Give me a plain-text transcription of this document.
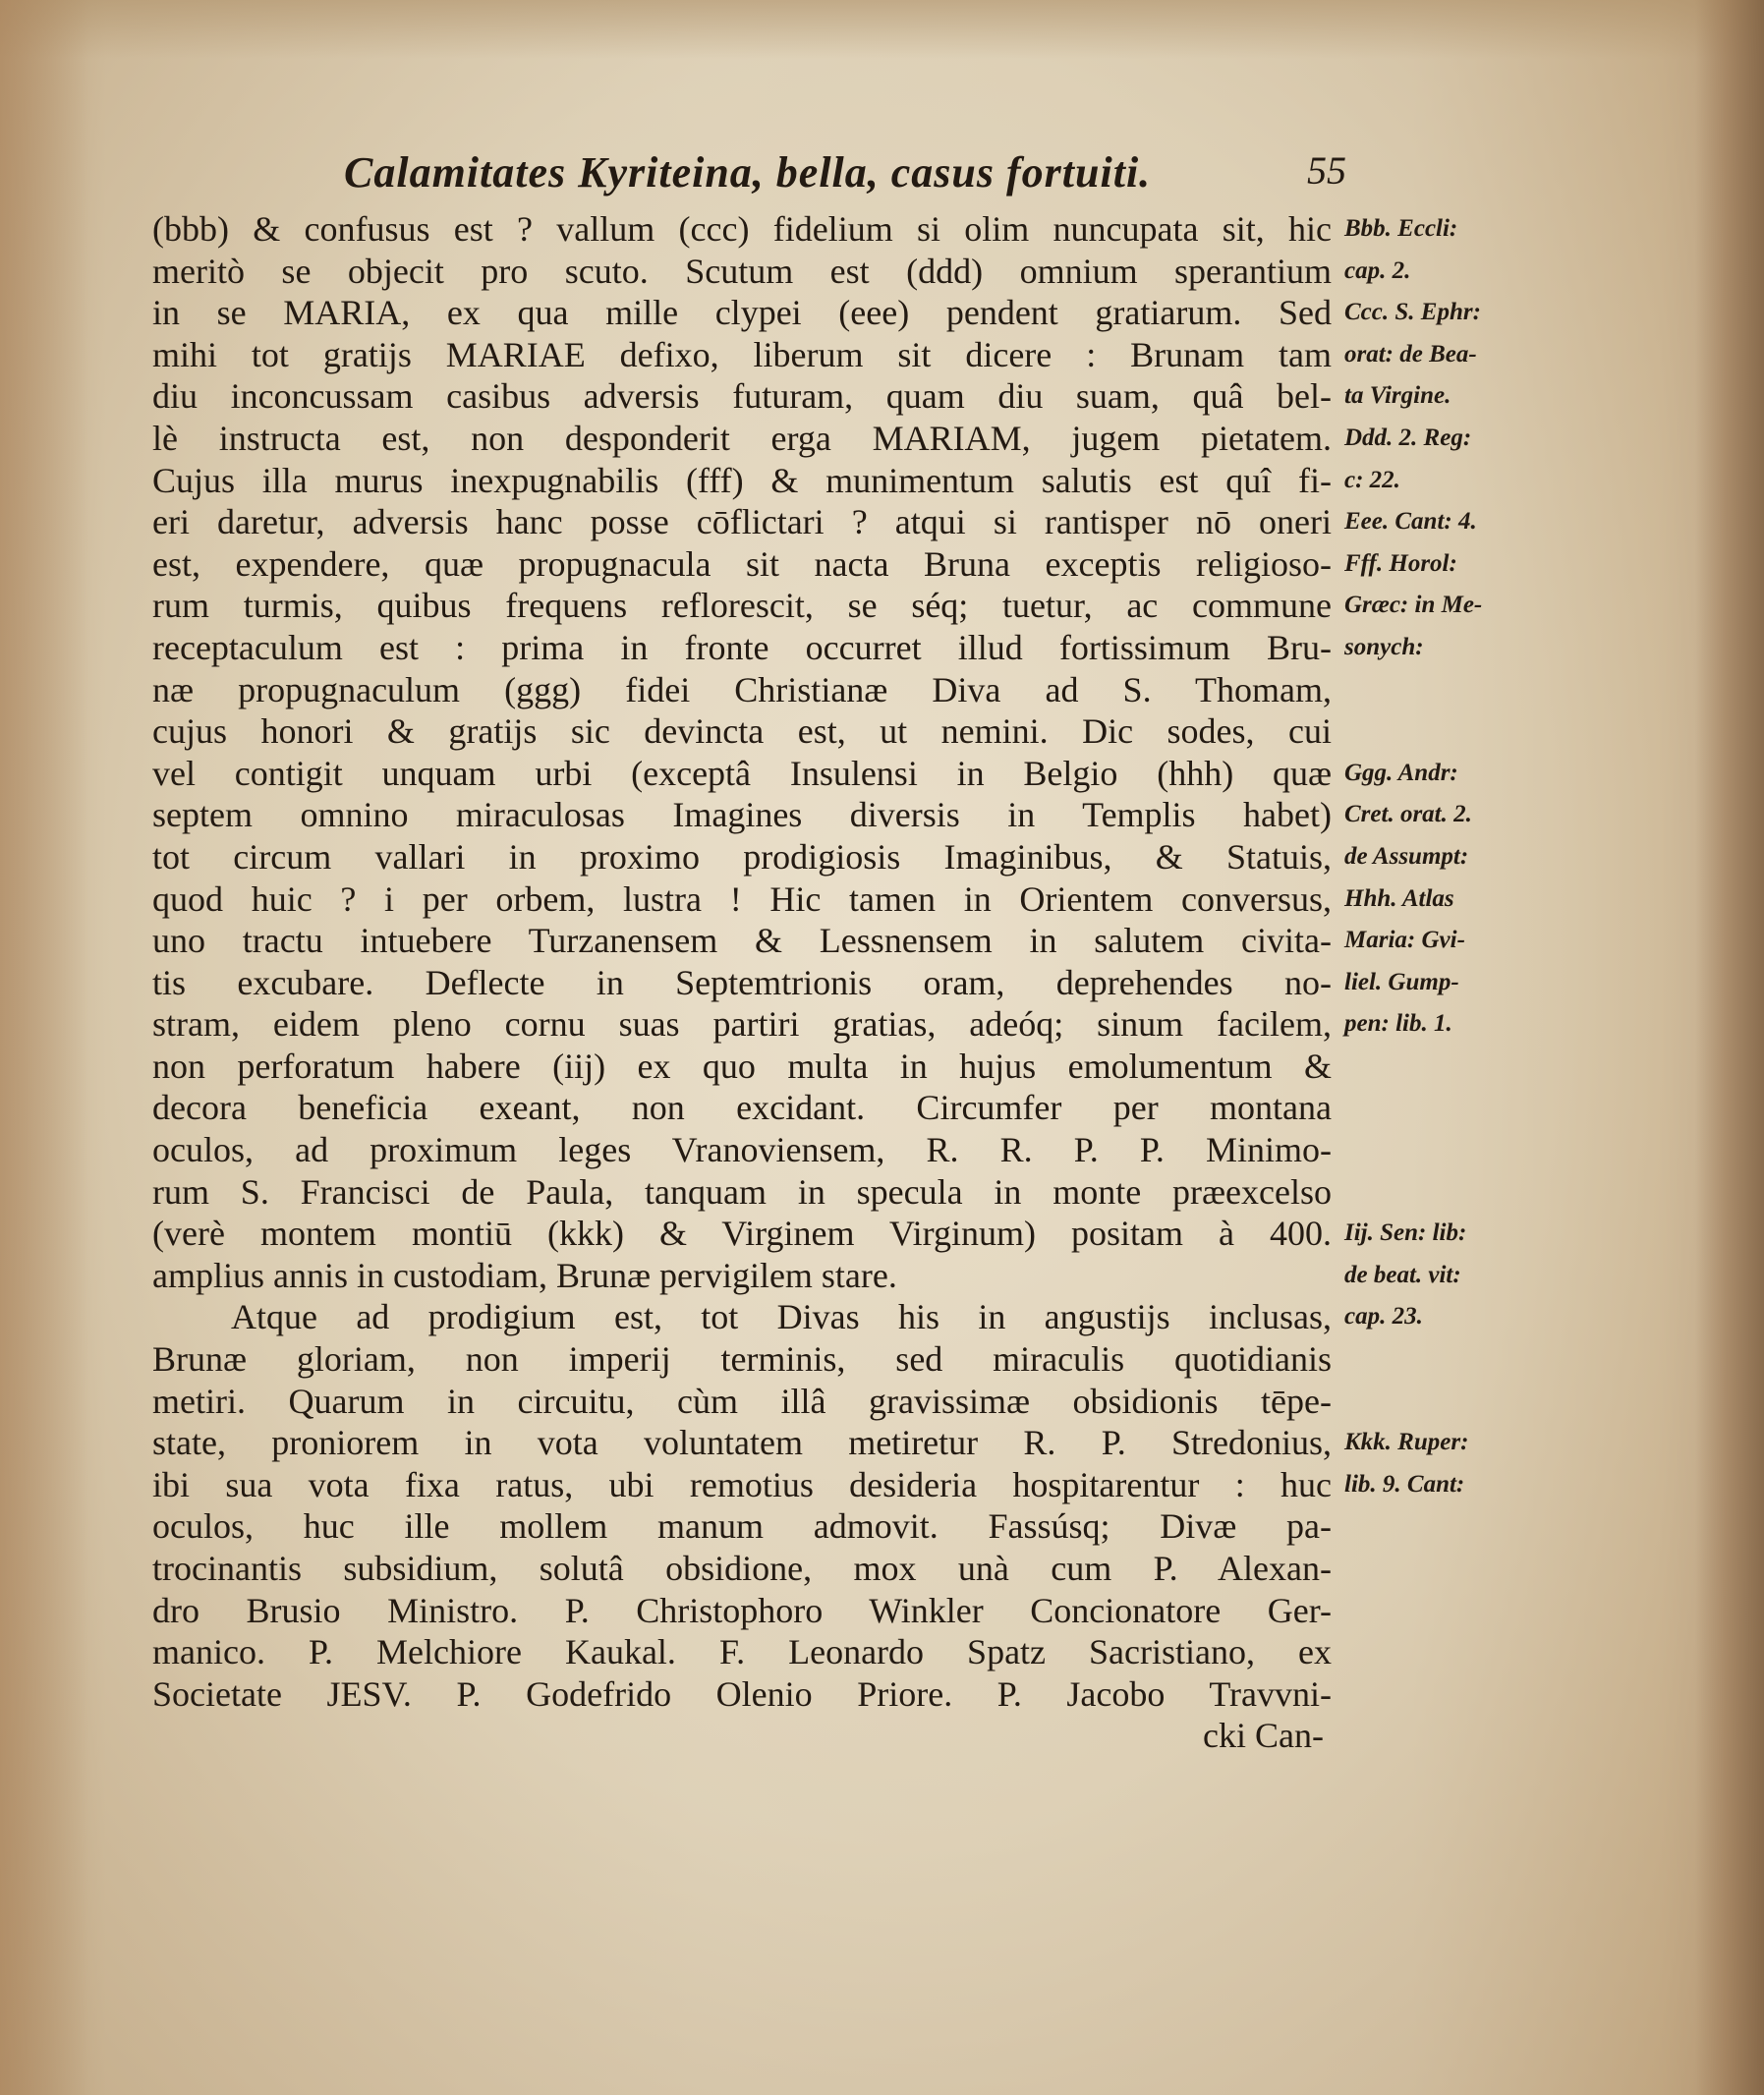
Calamitates Kyriteina, bella, casus fortuiti.	55
(bbb) & confusus est ? vallum (ccc) fidelium si olim nuncupata sit, hic
meritò se objecit pro scuto. Scutum est (ddd) omnium sperantium
in se MARIA, ex qua mille clypei (eee) pendent gratiarum. Sed
mihi tot gratijs MARIAE defixo, liberum sit dicere : Brunam tam
diu inconcussam casibus adversis futuram, quam diu suam, quâ bel-
lè instructa est, non desponderit erga MARIAM, jugem pietatem.
Cujus illa murus inexpugnabilis (fff) & munimentum salutis est quî fi-
eri daretur, adversis hanc posse cōflictari ? atqui si rantisper nō oneri
est, expendere, quæ propugnacula sit nacta Bruna exceptis religioso-
rum turmis, quibus frequens reflorescit, se séq; tuetur, ac commune
receptaculum est : prima in fronte occurret illud fortissimum Bru-
næ propugnaculum (ggg) fidei Christianæ Diva ad S. Thomam,
cujus honori & gratijs sic devincta est, ut nemini. Dic sodes, cui
vel contigit unquam urbi (exceptâ Insulensi in Belgio (hhh) quæ
septem omnino miraculosas Imagines diversis in Templis habet)
tot circum vallari in proximo prodigiosis Imaginibus, & Statuis,
quod huic ? i per orbem, lustra ! Hic tamen in Orientem conversus,
uno tractu intuebere Turzanensem & Lessnensem in salutem civita-
tis excubare. Deflecte in Septemtrionis oram, deprehendes no-
stram, eidem pleno cornu suas partiri gratias, adeóq; sinum facilem,
non perforatum habere (iij) ex quo multa in hujus emolumentum &
decora beneficia exeant, non excidant. Circumfer per montana
oculos, ad proximum leges Vranoviensem, R. R. P. P. Minimo-
rum S. Francisci de Paula, tanquam in specula in monte præexcelso
(verè montem montiū (kkk) & Virginem Virginum) positam à 400.
amplius annis in custodiam, Brunæ pervigilem stare.
Atque ad prodigium est, tot Divas his in angustijs inclusas,
Brunæ gloriam, non imperij terminis, sed miraculis quotidianis
metiri. Quarum in circuitu, cùm illâ gravissimæ obsidionis tēpe-
state, proniorem in vota voluntatem metiretur R. P. Stredonius,
ibi sua vota fixa ratus, ubi remotius desideria hospitarentur : huc
oculos, huc ille mollem manum admovit. Fassúsq; Divæ pa-
trocinantis subsidium, solutâ obsidione, mox unà cum P. Alexan-
dro Brusio Ministro. P. Christophoro Winkler Concionatore Ger-
manico. P. Melchiore Kaukal. F. Leonardo Spatz Sacristiano, ex
Societate JESV. P. Godefrido Olenio Priore. P. Jacobo Travvni-
cki Can-
Bbb. Eccli:
cap. 2.
Ccc. S. Ephr:
orat: de Bea-
ta Virgine.
Ddd. 2. Reg:
c: 22.
Eee. Cant: 4.
Fff. Horol:
Græc: in Me-
sonych:
Ggg. Andr:
Cret. orat. 2.
de Assumpt:
Hhh. Atlas
Maria: Gvi-
liel. Gump-
pen: lib. 1.
Iij. Sen: lib:
de beat. vit:
cap. 23.
Kkk. Ruper:
lib. 9. Cant:
